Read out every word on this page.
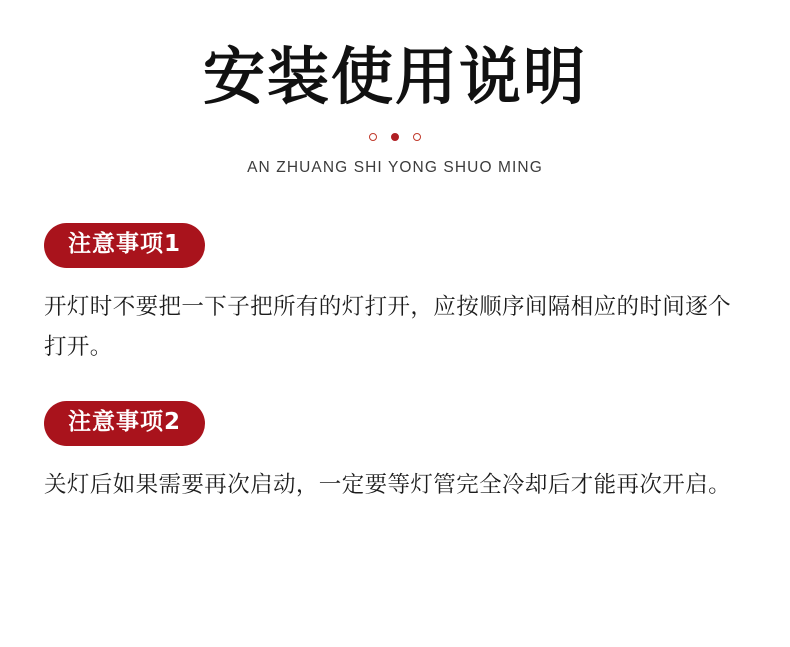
安装使用说明
AN ZHUANG SHI YONG SHUO MING
注意事项1
开灯时不要把一下子把所有的灯打开，应按顺序间隔相应的时间逐个打开。
注意事项2
关灯后如果需要再次启动，一定要等灯管完全冷却后才能再次开启。
